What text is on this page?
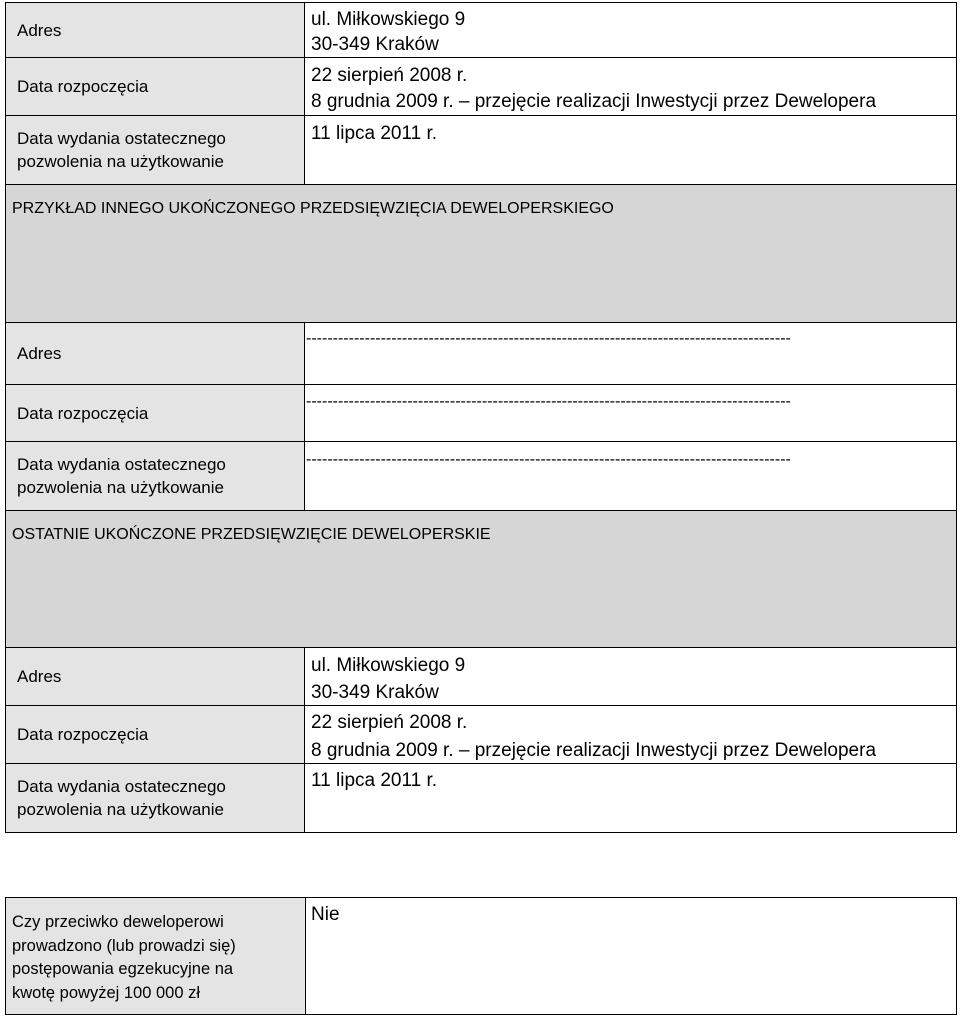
Adres
Data rozpoczęcia
Data wydania ostatecznego
pozwolenia na użytkowanie
ul. Miłkowskiego 9
30-349 Kraków
22 sierpień 2008 r.
8 grudnia 2009 r. – przejęcie realizacji Inwestycji przez Dewelopera
11 lipca 2011 r.
PRZYKŁAD INNEGO UKOŃCZONEGO PRZEDSIĘWZIĘCIA DEWELOPERSKIEGO
Adres
Data rozpoczęcia
Data wydania ostatecznego
pozwolenia na użytkowanie
-------------------------------------------------------------------------------------------
-------------------------------------------------------------------------------------------
-------------------------------------------------------------------------------------------
OSTATNIE UKOŃCZONE PRZEDSIĘWZIĘCIE DEWELOPERSKIE
Adres
Data rozpoczęcia
Data wydania ostatecznego
pozwolenia na użytkowanie
ul. Miłkowskiego 9
30-349 Kraków
22 sierpień 2008 r.
8 grudnia 2009 r. – przejęcie realizacji Inwestycji przez Dewelopera
11 lipca 2011 r.
Czy przeciwko deweloperowi
prowadzono (lub prowadzi się)
postępowania egzekucyjne na
kwotę powyżej 100 000 zł
Nie
